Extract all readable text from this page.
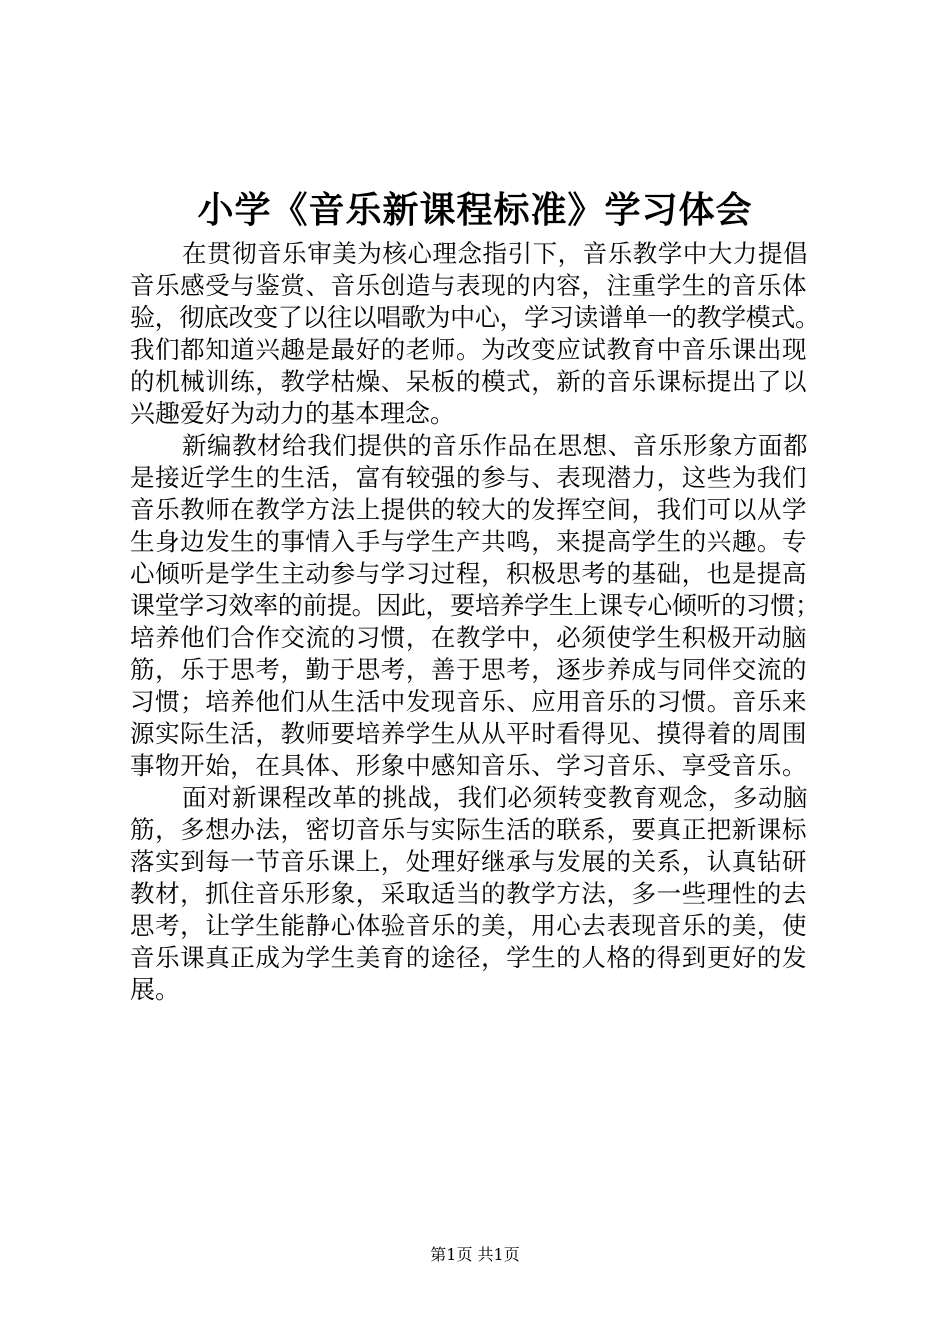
小学《音乐新课程标准》学习体会
在贯彻音乐审美为核心理念指引下，音乐教学中大力提倡
音乐感受与鉴赏、音乐创造与表现的内容，注重学生的音乐体
验，彻底改变了以往以唱歌为中心，学习读谱单一的教学模式。
我们都知道兴趣是最好的老师。为改变应试教育中音乐课出现
的机械训练，教学枯燥、呆板的模式，新的音乐课标提出了以
兴趣爱好为动力的基本理念。
新编教材给我们提供的音乐作品在思想、音乐形象方面都
是接近学生的生活，富有较强的参与、表现潜力，这些为我们
音乐教师在教学方法上提供的较大的发挥空间，我们可以从学
生身边发生的事情入手与学生产共鸣，来提高学生的兴趣。专
心倾听是学生主动参与学习过程，积极思考的基础，也是提高
课堂学习效率的前提。因此，要培养学生上课专心倾听的习惯；
培养他们合作交流的习惯，在教学中，必须使学生积极开动脑
筋，乐于思考，勤于思考，善于思考，逐步养成与同伴交流的
习惯；培养他们从生活中发现音乐、应用音乐的习惯。音乐来
源实际生活，教师要培养学生从从平时看得见、摸得着的周围
事物开始，在具体、形象中感知音乐、学习音乐、享受音乐。
面对新课程改革的挑战，我们必须转变教育观念，多动脑
筋，多想办法，密切音乐与实际生活的联系，要真正把新课标
落实到每一节音乐课上，处理好继承与发展的关系，认真钻研
教材，抓住音乐形象，采取适当的教学方法，多一些理性的去
思考，让学生能静心体验音乐的美，用心去表现音乐的美，使
音乐课真正成为学生美育的途径，学生的人格的得到更好的发
展。
第1页 共1页
